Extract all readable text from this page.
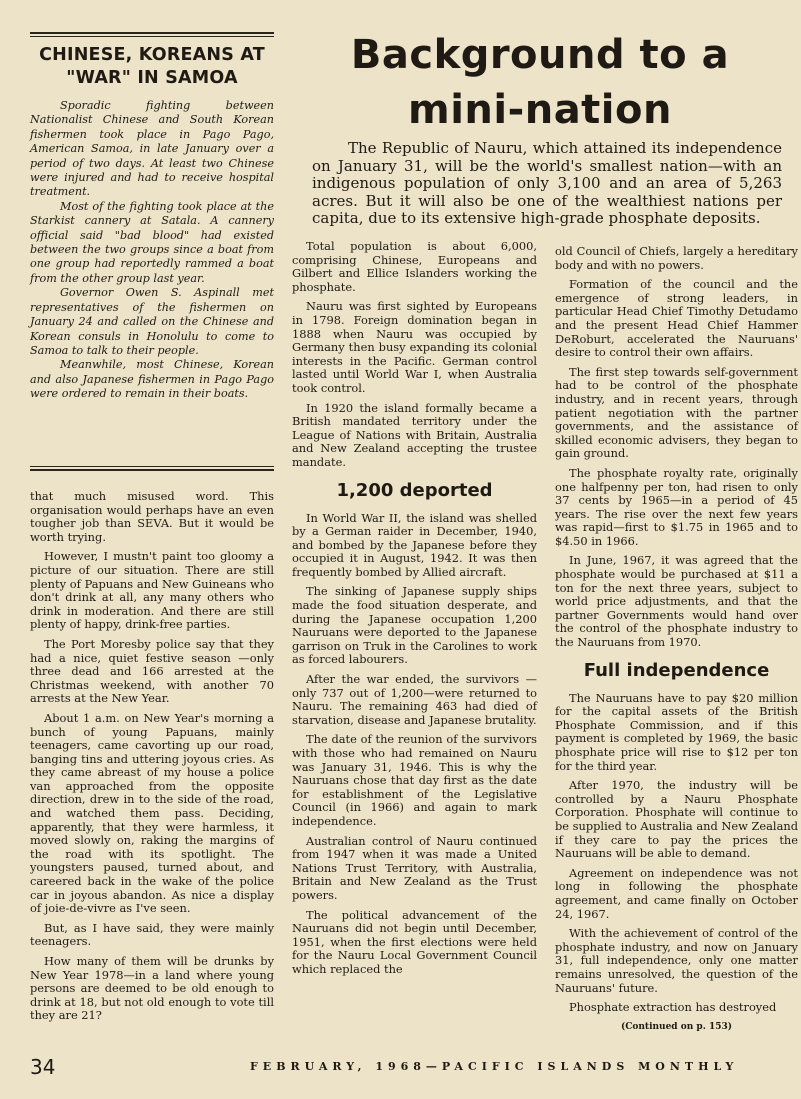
CHINESE, KOREANS AT "WAR" IN SAMOA

Sporadic fighting between Nationalist Chinese and South Korean fishermen took place in Pago Pago, American Samoa, in late January over a period of two days. At least two Chinese were injured and had to receive hospital treatment.

Most of the fighting took place at the Starkist cannery at Satala. A cannery official said "bad blood" had existed between the two groups since a boat from one group had reportedly rammed a boat from the other group last year.

Governor Owen S. Aspinall met representatives of the fishermen on January 24 and called on the Chinese and Korean consuls in Honolulu to come to Samoa to talk to their people.

Meanwhile, most Chinese, Korean and also Japanese fishermen in Pago Pago were ordered to remain in their boats.

Background to a mini-nation

The Republic of Nauru, which attained its independence on January 31, will be the world's smallest nation—with an indigenous population of only 3,100 and an area of 5,263 acres. But it will also be one of the wealthiest nations per capita, due to its extensive high-grade phosphate deposits.

that much misused word. This organisation would perhaps have an even tougher job than SEVA. But it would be worth trying.

However, I mustn't paint too gloomy a picture of our situation. There are still plenty of Papuans and New Guineans who don't drink at all, any many others who drink in moderation. And there are still plenty of happy, drink-free parties.

The Port Moresby police say that they had a nice, quiet festive season —only three dead and 166 arrested at the Christmas weekend, with another 70 arrests at the New Year.

About 1 a.m. on New Year's morning a bunch of young Papuans, mainly teenagers, came cavorting up our road, banging tins and uttering joyous cries. As they came abreast of my house a police van approached from the opposite direction, drew in to the side of the road, and watched them pass. Deciding, apparently, that they were harmless, it moved slowly on, raking the margins of the road with its spotlight. The youngsters paused, turned about, and careered back in the wake of the police car in joyous abandon. As nice a display of joie-de-vivre as I've seen.

But, as I have said, they were mainly teenagers.

How many of them will be drunks by New Year 1978—in a land where young persons are deemed to be old enough to drink at 18, but not old enough to vote till they are 21?

Total population is about 6,000, comprising Chinese, Europeans and Gilbert and Ellice Islanders working the phosphate.

Nauru was first sighted by Europeans in 1798. Foreign domination began in 1888 when Nauru was occupied by Germany then busy expanding its colonial interests in the Pacific. German control lasted until World War I, when Australia took control.

In 1920 the island formally became a British mandated territory under the League of Nations with Britain, Australia and New Zealand accepting the trustee mandate.

1,200 deported

In World War II, the island was shelled by a German raider in December, 1940, and bombed by the Japanese before they occupied it in August, 1942. It was then frequently bombed by Allied aircraft.

The sinking of Japanese supply ships made the food situation desperate, and during the Japanese occupation 1,200 Nauruans were deported to the Japanese garrison on Truk in the Carolines to work as forced labourers.

After the war ended, the survivors —only 737 out of 1,200—were returned to Nauru. The remaining 463 had died of starvation, disease and Japanese brutality.

The date of the reunion of the survivors with those who had remained on Nauru was January 31, 1946. This is why the Nauruans chose that day first as the date for establishment of the Legislative Council (in 1966) and again to mark independence.

Australian control of Nauru continued from 1947 when it was made a United Nations Trust Territory, with Australia, Britain and New Zealand as the Trust powers.

The political advancement of the Nauruans did not begin until December, 1951, when the first elections were held for the Nauru Local Government Council which replaced the

old Council of Chiefs, largely a hereditary body and with no powers.

Formation of the council and the emergence of strong leaders, in particular Head Chief Timothy Detudamo and the present Head Chief Hammer DeRoburt, accelerated the Nauruans' desire to control their own affairs.

The first step towards self-government had to be control of the phosphate industry, and in recent years, through patient negotiation with the partner governments, and the assistance of skilled economic advisers, they began to gain ground.

The phosphate royalty rate, originally one halfpenny per ton, had risen to only 37 cents by 1965—in a period of 45 years. The rise over the next few years was rapid—first to $1.75 in 1965 and to $4.50 in 1966.

In June, 1967, it was agreed that the phosphate would be purchased at $11 a ton for the next three years, subject to world price adjustments, and that the partner Governments would hand over the control of the phosphate industry to the Nauruans from 1970.

Full independence

The Nauruans have to pay $20 million for the capital assets of the British Phosphate Commission, and if this payment is completed by 1969, the basic phosphate price will rise to $12 per ton for the third year.

After 1970, the industry will be controlled by a Nauru Phosphate Corporation. Phosphate will continue to be supplied to Australia and New Zealand if they care to pay the prices the Nauruans will be able to demand.

Agreement on independence was not long in following the phosphate agreement, and came finally on October 24, 1967.

With the achievement of control of the phosphate industry, and now on January 31, full independence, only one matter remains unresolved, the question of the Nauruans' future.

Phosphate extraction has destroyed

(Continued on p. 153)
34	FEBRUARY, 1968—PACIFIC ISLANDS MONTHLY
